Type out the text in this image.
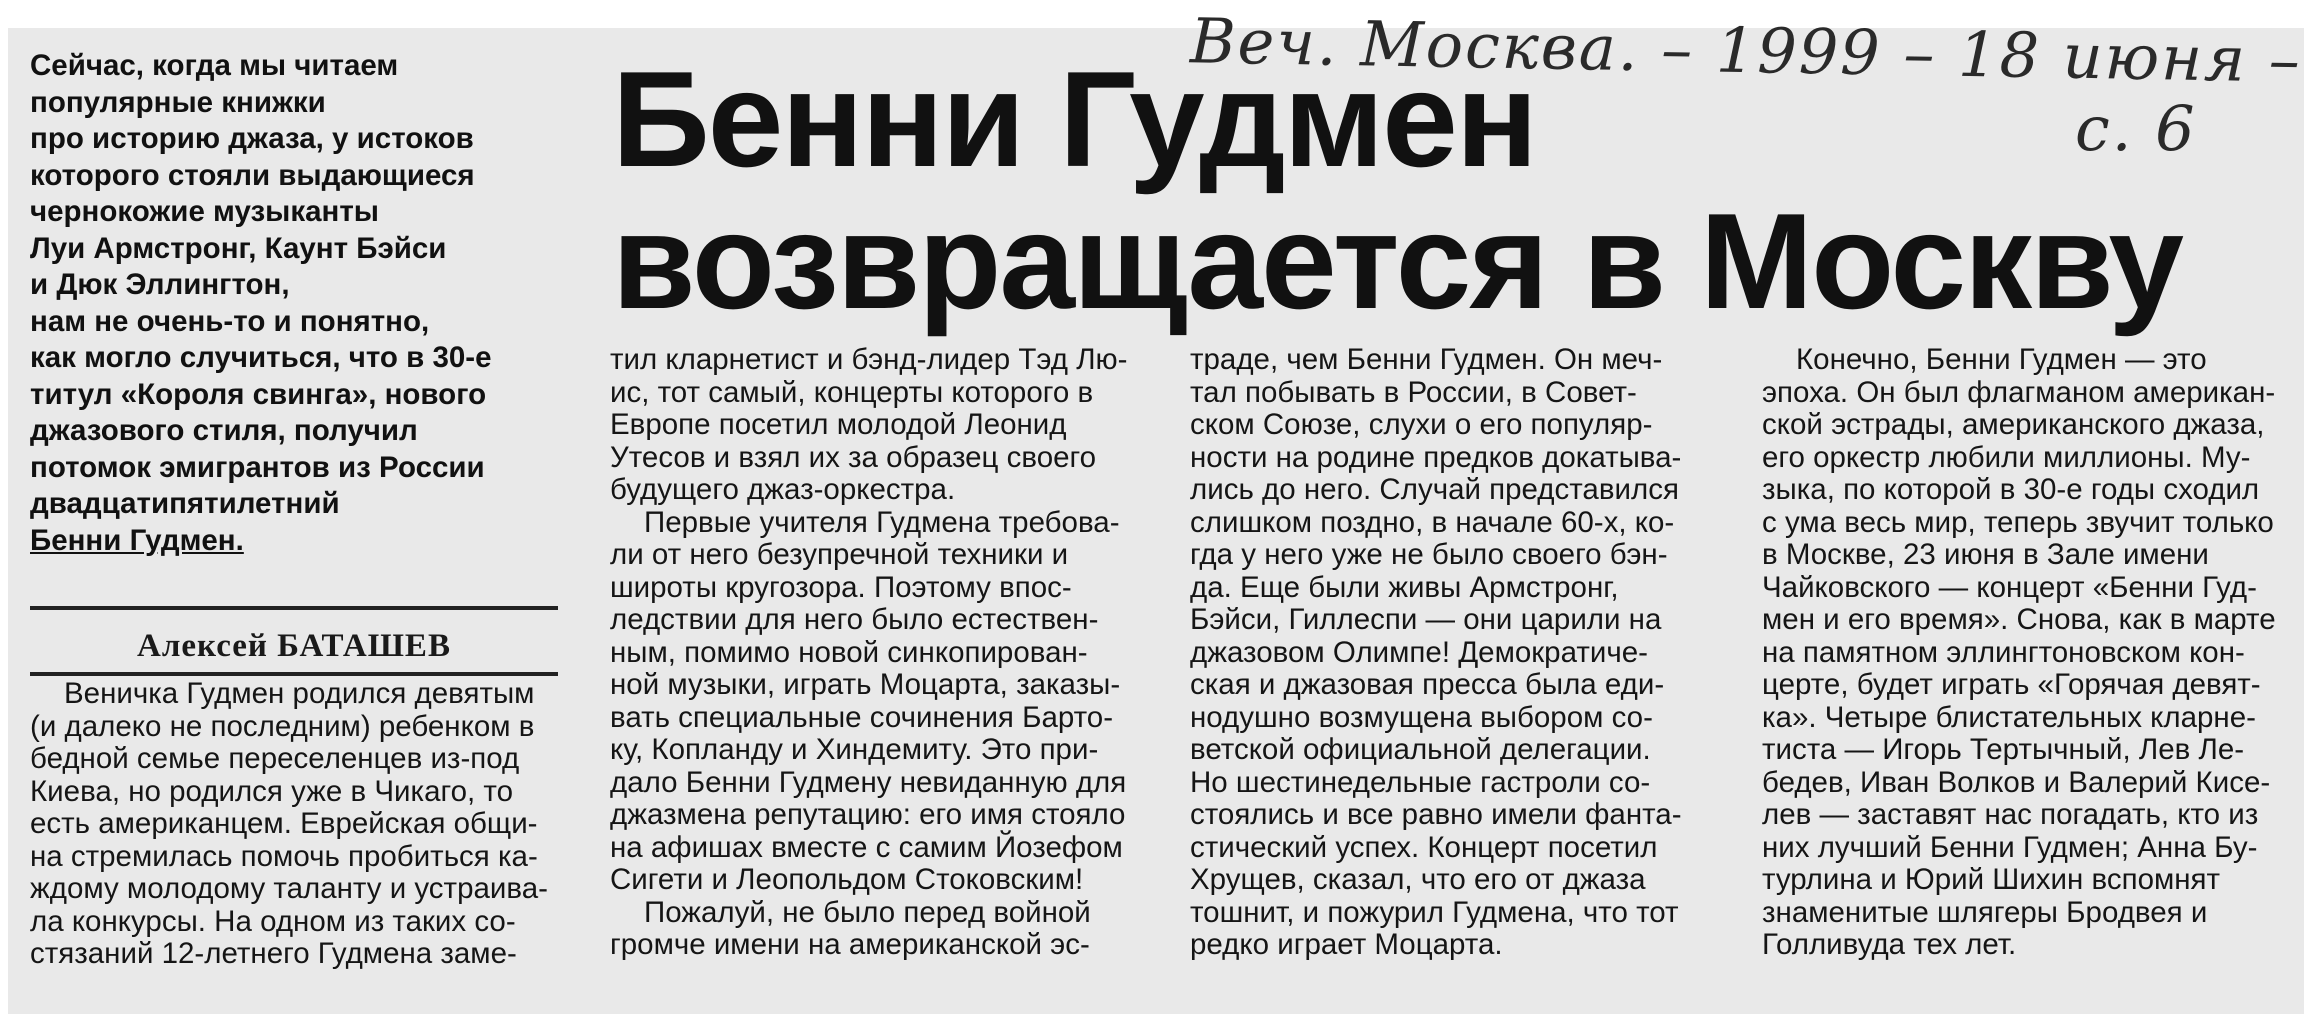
Веч. Москва. – 1999 – 18 июня –
с. 6
Бенни Гудмен
возвращается в Москву
Сейчас, когда мы читаем
популярные книжки
про историю джаза, у истоков
которого стояли выдающиеся
чернокожие музыканты
Луи Армстронг, Каунт Бэйси
и Дюк Эллингтон,
нам не очень-то и понятно,
как могло случиться, что в 30-е
титул «Короля свинга», нового
джазового стиля, получил
потомок эмигрантов из России
двадцатипятилетний
Бенни Гудмен.
Алексей БАТАШЕВ
Веничка Гудмен родился девятым
(и далеко не последним) ребенком в
бедной семье переселенцев из-под
Киева, но родился уже в Чикаго, то
есть американцем. Еврейская общи-
на стремилась помочь пробиться ка-
ждому молодому таланту и устраива-
ла конкурсы. На одном из таких со-
стязаний 12-летнего Гудмена заме-
тил кларнетист и бэнд-лидер Тэд Лю-
ис, тот самый, концерты которого в
Европе посетил молодой Леонид
Утесов и взял их за образец своего
будущего джаз-оркестра.
Первые учителя Гудмена требова-
ли от него безупречной техники и
широты кругозора. Поэтому впос-
ледствии для него было естествен-
ным, помимо новой синкопирован-
ной музыки, играть Моцарта, заказы-
вать специальные сочинения Барто-
ку, Копланду и Хиндемиту. Это при-
дало Бенни Гудмену невиданную для
джазмена репутацию: его имя стояло
на афишах вместе с самим Йозефом
Сигети и Леопольдом Стоковским!
Пожалуй, не было перед войной
громче имени на американской эс-
траде, чем Бенни Гудмен. Он меч-
тал побывать в России, в Совет-
ском Союзе, слухи о его популяр-
ности на родине предков докатыва-
лись до него. Случай представился
слишком поздно, в начале 60-х, ко-
гда у него уже не было своего бэн-
да. Еще были живы Армстронг,
Бэйси, Гиллеспи — они царили на
джазовом Олимпе! Демократиче-
ская и джазовая пресса была еди-
нодушно возмущена выбором со-
ветской официальной делегации.
Но шестинедельные гастроли со-
стоялись и все равно имели фанта-
стический успех. Концерт посетил
Хрущев, сказал, что его от джаза
тошнит, и пожурил Гудмена, что тот
редко играет Моцарта.
Конечно, Бенни Гудмен — это
эпоха. Он был флагманом американ-
ской эстрады, американского джаза,
его оркестр любили миллионы. Му-
зыка, по которой в 30-е годы сходил
с ума весь мир, теперь звучит только
в Москве, 23 июня в Зале имени
Чайковского — концерт «Бенни Гуд-
мен и его время». Снова, как в марте
на памятном эллингтоновском кон-
церте, будет играть «Горячая девят-
ка». Четыре блистательных кларне-
тиста — Игорь Тертычный, Лев Ле-
бедев, Иван Волков и Валерий Кисе-
лев — заставят нас погадать, кто из
них лучший Бенни Гудмен; Анна Бу-
турлина и Юрий Шихин вспомнят
знаменитые шлягеры Бродвея и
Голливуда тех лет.
